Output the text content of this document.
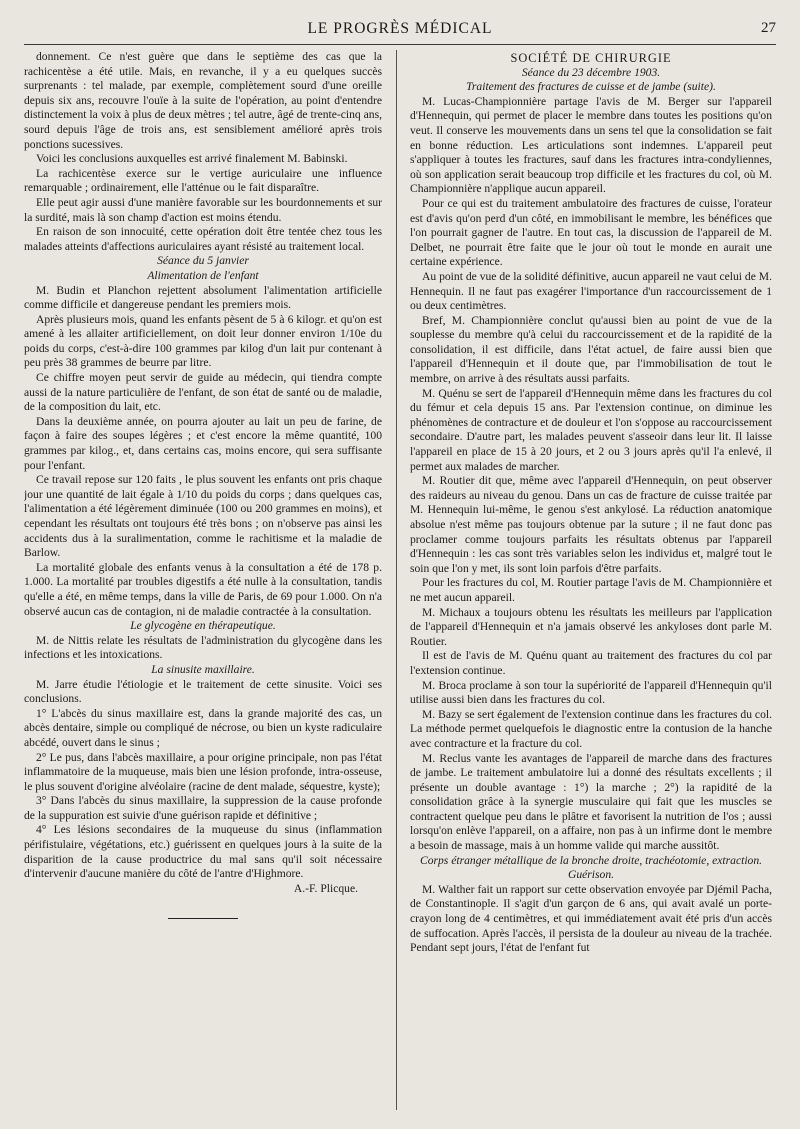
LE PROGRÈS MÉDICAL	27

donnement. Ce n'est guère que dans le septième des cas que la rachicentèse a été utile. Mais, en revanche, il y a eu quelques succès surprenants : tel malade, par exemple, complètement sourd d'une oreille depuis six ans, recouvre l'ouïe à la suite de l'opération, au point d'entendre distinctement la voix à plus de deux mètres ; tel autre, âgé de trente-cinq ans, sourd depuis l'âge de trois ans, est sensiblement amélioré après trois ponctions sucessives.

Voici les conclusions auxquelles est arrivé finalement M. Babinski.

La rachicentèse exerce sur le vertige auriculaire une influence remarquable ; ordinairement, elle l'atténue ou le fait disparaître.

Elle peut agir aussi d'une manière favorable sur les bourdonnements et sur la surdité, mais là son champ d'action est moins étendu.

En raison de son innocuité, cette opération doit être tentée chez tous les malades atteints d'affections auriculaires ayant résisté au traitement local.

Séance du 5 janvier

Alimentation de l'enfant

M. Budin et Planchon rejettent absolument l'alimentation artificielle comme difficile et dangereuse pendant les premiers mois.

Après plusieurs mois, quand les enfants pèsent de 5 à 6 kilogr. et qu'on est amené à les allaiter artificiellement, on doit leur donner environ 1/10e du poids du corps, c'est-à-dire 100 grammes par kilog d'un lait pur contenant à peu près 38 grammes de beurre par litre.

Ce chiffre moyen peut servir de guide au médecin, qui tiendra compte aussi de la nature particulière de l'enfant, de son état de santé ou de maladie, de la composition du lait, etc.

Dans la deuxième année, on pourra ajouter au lait un peu de farine, de façon à faire des soupes légères ; et c'est encore la même quantité, 100 grammes par kilog., et, dans certains cas, moins encore, qui sera suffisante pour l'enfant.

Ce travail repose sur 120 faits , le plus souvent les enfants ont pris chaque jour une quantité de lait égale à 1/10 du poids du corps ; dans quelques cas, l'alimentation a été légèrement diminuée (100 ou 200 grammes en moins), et cependant les résultats ont toujours été très bons ; on n'observe pas ainsi les accidents dus à la suralimentation, comme le rachitisme et la maladie de Barlow.

La mortalité globale des enfants venus à la consultation a été de 178 p. 1.000. La mortalité par troubles digestifs a été nulle à la consultation, tandis qu'elle a été, en même temps, dans la ville de Paris, de 69 pour 1.000. On n'a observé aucun cas de contagion, ni de maladie contractée à la consultation.

Le glycogène en thérapeutique.

M. de Nittis relate les résultats de l'administration du glycogène dans les infections et les intoxications.

La sinusite maxillaire.

M. Jarre étudie l'étiologie et le traitement de cette sinusite. Voici ses conclusions.

1° L'abcès du sinus maxillaire est, dans la grande majorité des cas, un abcès dentaire, simple ou compliqué de nécrose, ou bien un kyste radiculaire abcédé, ouvert dans le sinus ;

2° Le pus, dans l'abcès maxillaire, a pour origine principale, non pas l'état inflammatoire de la muqueuse, mais bien une lésion profonde, intra-osseuse, le plus souvent d'origine alvéolaire (racine de dent malade, séquestre, kyste);

3° Dans l'abcès du sinus maxillaire, la suppression de la cause profonde de la suppuration est suivie d'une guérison rapide et définitive ;

4° Les lésions secondaires de la muqueuse du sinus (inflammation périfistulaire, végétations, etc.) guérissent en quelques jours à la suite de la disparition de la cause productrice du mal sans qu'il soit nécessaire d'intervenir d'aucune manière du côté de l'antre d'Highmore.

A.-F. Plicque.

SOCIÉTÉ DE CHIRURGIE

Séance du 23 décembre 1903.

Traitement des fractures de cuisse et de jambe (suite).

M. Lucas-Championnière partage l'avis de M. Berger sur l'appareil d'Hennequin, qui permet de placer le membre dans toutes les positions qu'on veut. Il conserve les mouvements dans un sens tel que la consolidation se fait en bonne réduction. Les articulations sont indemnes. L'appareil peut s'appliquer à toutes les fractures, sauf dans les fractures intra-condyliennes, où son application serait beaucoup trop difficile et les fractures du col, où M. Championnière n'applique aucun appareil.

Pour ce qui est du traitement ambulatoire des fractures de cuisse, l'orateur est d'avis qu'on perd d'un côté, en immobilisant le membre, les bénéfices que l'on pourrait gagner de l'autre. En tout cas, la discussion de l'appareil de M. Delbet, ne pourrait être faite que le jour où tout le monde en aurait une certaine expérience.

Au point de vue de la solidité définitive, aucun appareil ne vaut celui de M. Hennequin. Il ne faut pas exagérer l'importance d'un raccourcissement de 1 ou deux centimètres.

Bref, M. Championnière conclut qu'aussi bien au point de vue de la souplesse du membre qu'à celui du raccourcissement et de la rapidité de la consolidation, il est difficile, dans l'état actuel, de faire aussi bien que l'appareil d'Hennequin et il doute que, par l'immobilisation de tout le membre, on arrive à des résultats aussi parfaits.

M. Quénu se sert de l'appareil d'Hennequin même dans les fractures du col du fémur et cela depuis 15 ans. Par l'extension continue, on diminue les phénomènes de contracture et de douleur et l'on s'oppose au raccourcissement secondaire. D'autre part, les malades peuvent s'asseoir dans leur lit. Il laisse l'appareil en place de 15 à 20 jours, et 2 ou 3 jours après qu'il l'a enlevé, il permet aux malades de marcher.

M. Routier dit que, même avec l'appareil d'Hennequin, on peut observer des raideurs au niveau du genou. Dans un cas de fracture de cuisse traitée par M. Hennequin lui-même, le genou s'est ankylosé. La réduction anatomique absolue n'est même pas toujours obtenue par la suture ; il ne faut donc pas proclamer comme toujours parfaits les résultats obtenus par l'appareil d'Hennequin : les cas sont très variables selon les individus et, malgré tout le soin que l'on y met, ils sont loin parfois d'être parfaits.

Pour les fractures du col, M. Routier partage l'avis de M. Championnière et ne met aucun appareil.

M. Michaux a toujours obtenu les résultats les meilleurs par l'application de l'appareil d'Hennequin et n'a jamais observé les ankyloses dont parle M. Routier.

Il est de l'avis de M. Quénu quant au traitement des fractures du col par l'extension continue.

M. Broca proclame à son tour la supériorité de l'appareil d'Hennequin qu'il utilise aussi bien dans les fractures du col.

M. Bazy se sert également de l'extension continue dans les fractures du col. La méthode permet quelquefois le diagnostic entre la contusion de la hanche avec contracture et la fracture du col.

M. Reclus vante les avantages de l'appareil de marche dans des fractures de jambe. Le traitement ambulatoire lui a donné des résultats excellents ; il présente un double avantage : 1°) la marche ; 2°) la rapidité de la consolidation grâce à la synergie musculaire qui fait que les muscles se contractent quelque peu dans le plâtre et favorisent la nutrition de l'os ; aussi lorsqu'on enlève l'appareil, on a affaire, non pas à un infirme dont le membre a besoin de massage, mais à un homme valide qui marche aussitôt.

Corps étranger métallique de la bronche droite, trachéotomie, extraction. Guérison.

M. Walther fait un rapport sur cette observation envoyée par Djémil Pacha, de Constantinople. Il s'agit d'un garçon de 6 ans, qui avait avalé un porte-crayon long de 4 centimètres, et qui immédiatement avait été pris d'un accès de suffocation. Après l'accès, il persista de la douleur au niveau de la trachée. Pendant sept jours, l'état de l'enfant fut
